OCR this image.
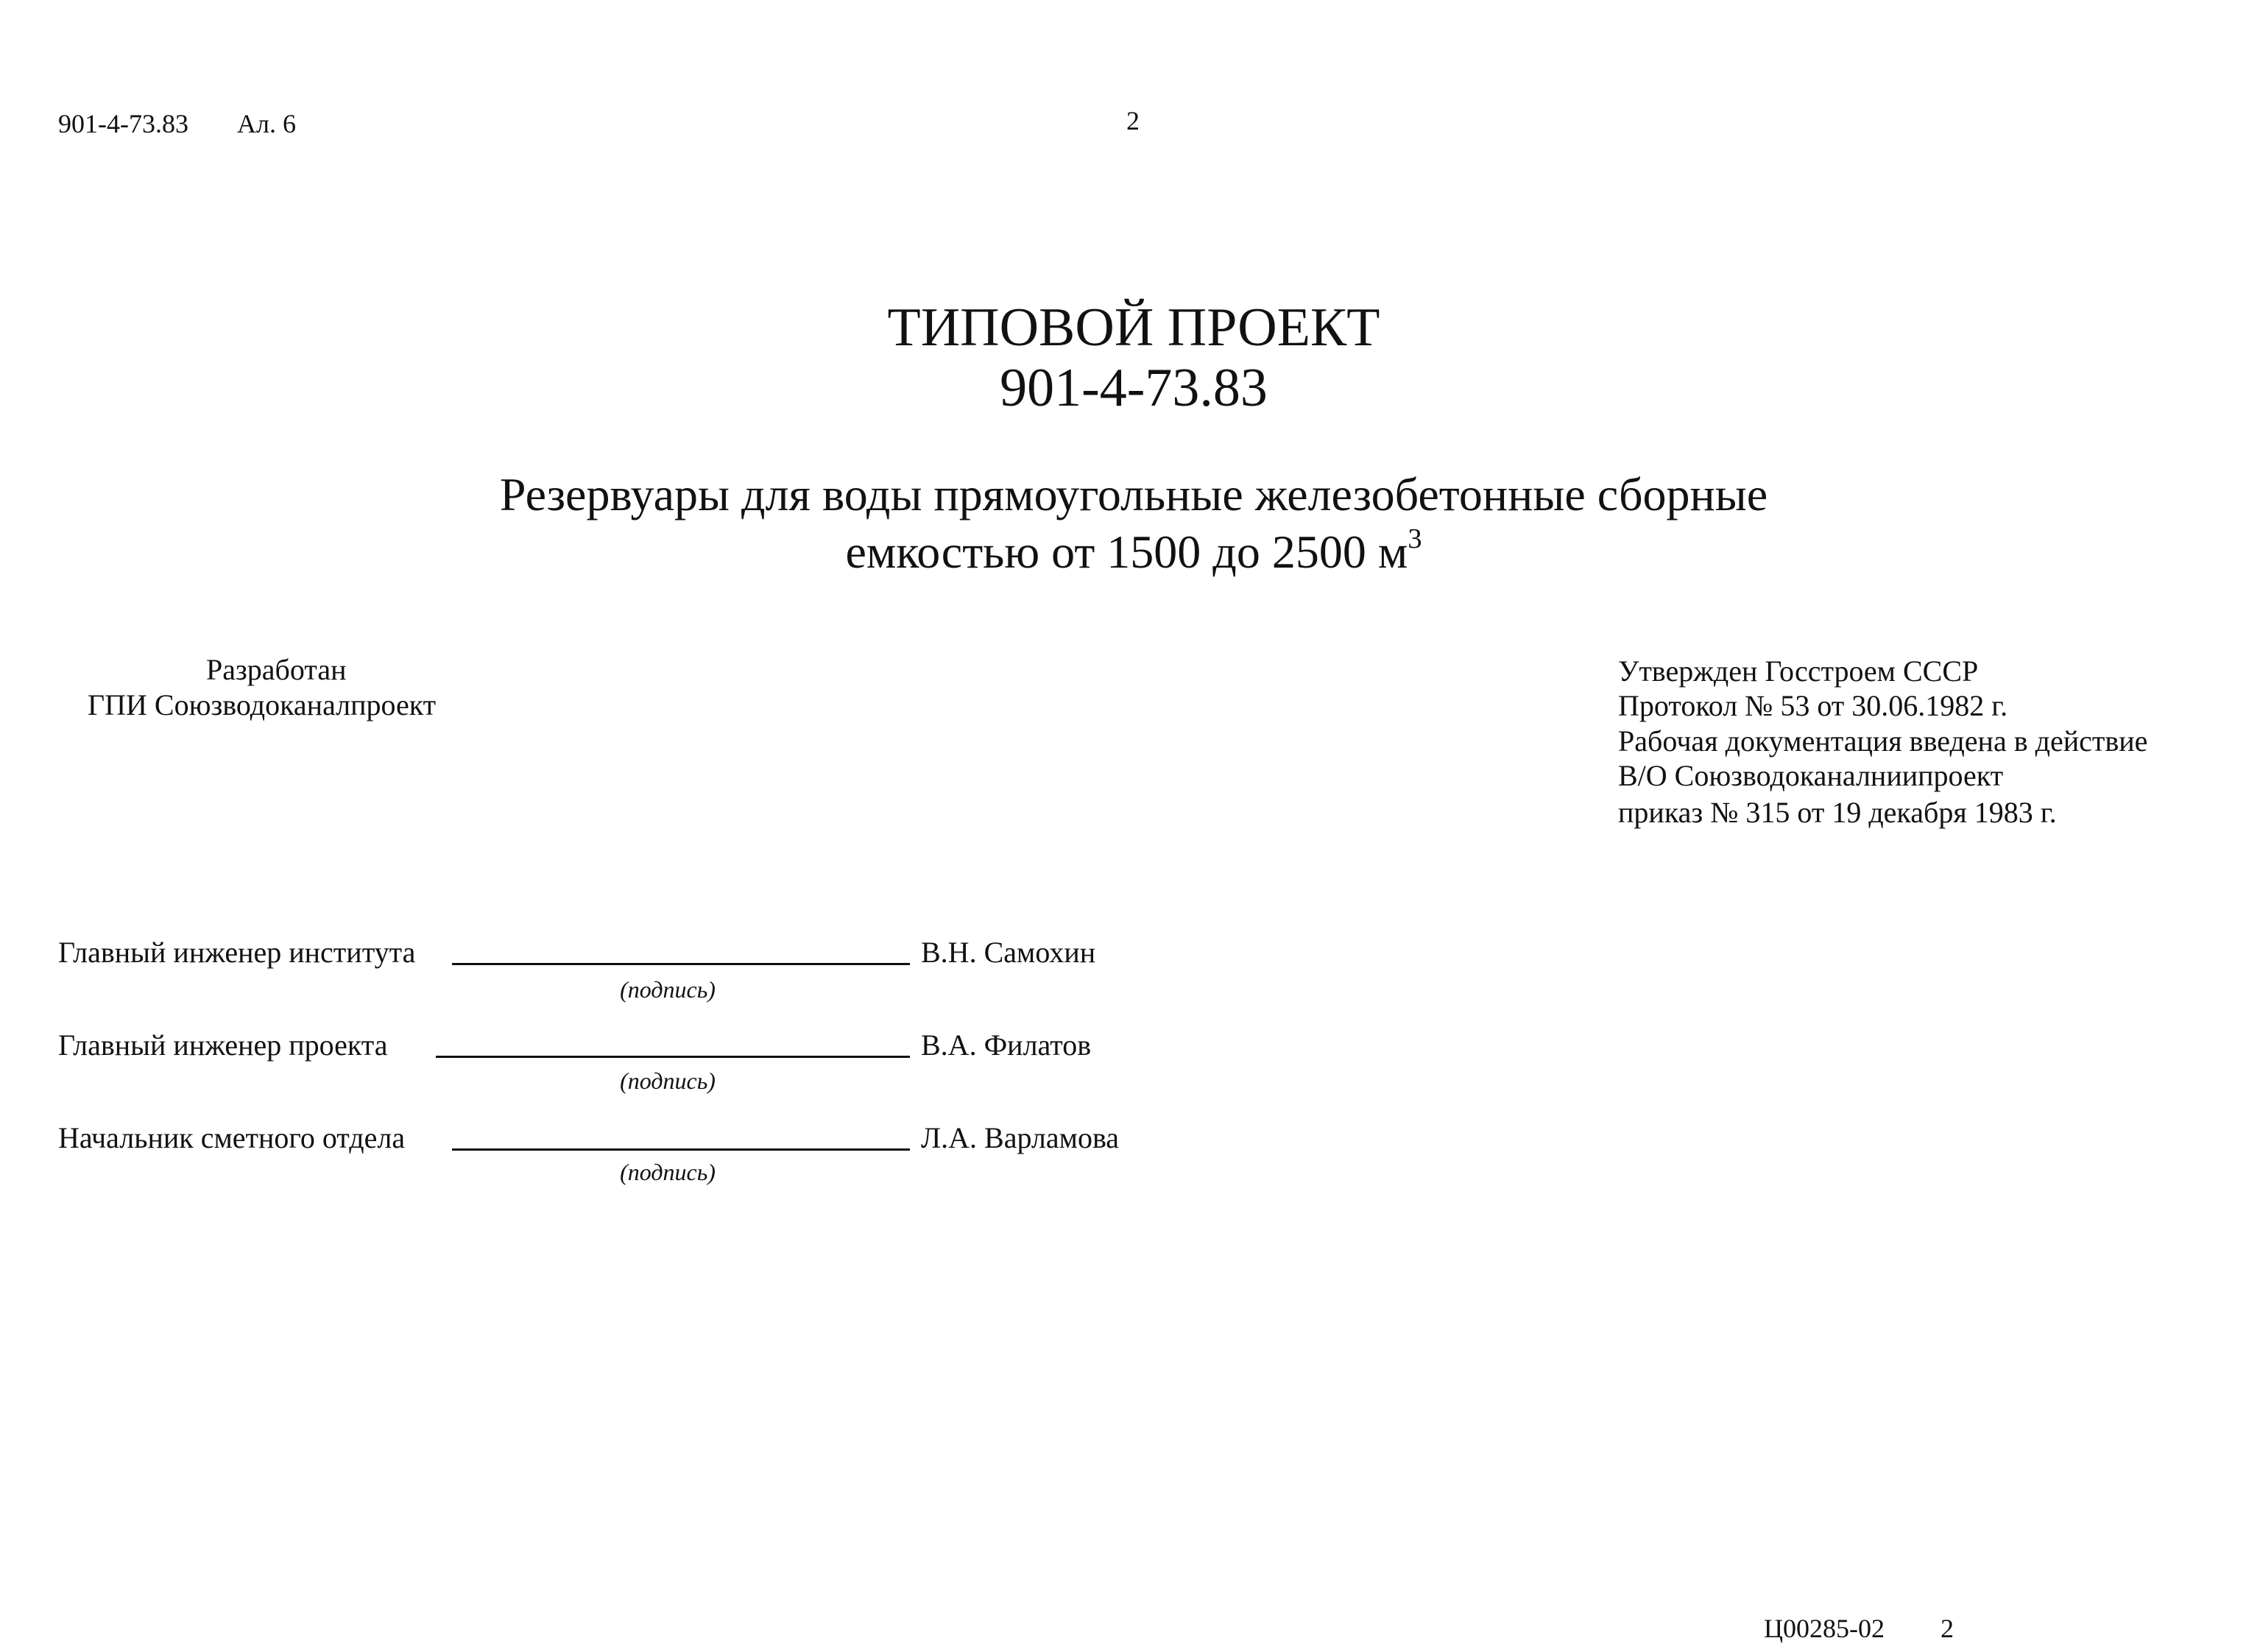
901-4-73.83 Ал. 6	2
ТИПОВОЙ ПРОЕКТ
901-4-73.83
Резервуары для воды прямоугольные железобетонные сборные
емкостью от 1500 до 2500 $м^3$
Разработан
ГПИ Союзводоканалпроект
Утвержден Госстроем СССР
Протокол № 53 от 30.06.1982 г.
Рабочая документация введена в действие
В/О Союзводоканалниипроект
приказ № 315 от 19 декабря 1983 г.
Главный инженер института	В.Н. Самохин
(подпись)
Главный инженер проекта	В.А. Филатов
(подпись)
Начальник сметного отдела	Л.А. Варламова
(подпись)
Ц00285-02 2
